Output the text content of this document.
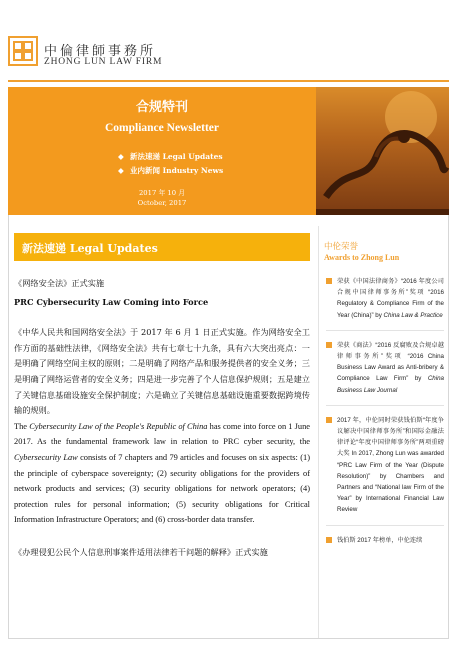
中倫律師事務所
ZHONG LUN LAW FIRM
合规特刊
Compliance Newsletter
◆ 新法速递 Legal Updates
◆ 业内新闻 Industry News
2017 年 10 月
October, 2017
新法速递 Legal Updates

《网络安全法》正式实施

PRC Cybersecurity Law Coming into Force

《中华人民共和国网络安全法》于 2017 年 6 月 1 日正式实施。作为网络安全工作方面的基础性法律，《网络安全法》共有七章七十九条，具有六大突出亮点：一是明确了网络空间主权的原则；二是明确了网络产品和服务提供者的安全义务；三是明确了网络运营者的安全义务；四是进一步完善了个人信息保护规则；五是建立了关键信息基础设施安全保护制度；六是确立了关键信息基础设施重要数据跨境传输的规则。

The Cybersecurity Law of the People's Republic of China has come into force on 1 June 2017. As the fundamental framework law in relation to PRC cyber security, the Cybersecurity Law consists of 7 chapters and 79 articles and focuses on six aspects: (1) the principle of cyberspace sovereignty; (2) security obligations for the providers of network products and services; (3) security obligations for network operators; (4) protection rules for personal information; (5) security obligations for Critical Information Infrastructure Operators; and (6) cross-border data transfer.

《办理侵犯公民个人信息刑事案件适用法律若干问题的解释》正式实施

中伦荣誉
Awards to Zhong Lun
荣获《中国法律商务》“2016 年度公司合规中国律师事务所”奖项 “2016 Regulatory & Compliance Firm of the Year (China)” by China Law & Practice
荣获《商法》“2016 反腐败及合规卓越律师事务所”奖项 “2016 China Business Law Award as Anti-bribery & Compliance Law Firm” by China Business Law Journal
2017 年，中伦同时荣获钱伯斯“年度争议解决中国律师事务所”和国际金融法律评论“年度中国律师事务所”两项重磅大奖 In 2017, Zhong Lun was awarded “PRC Law Firm of the Year (Dispute Resolution)” by Chambers and Partners and “National law Firm of the Year” by International Financial Law Review
钱伯斯 2017 年榜单，中伦连续
